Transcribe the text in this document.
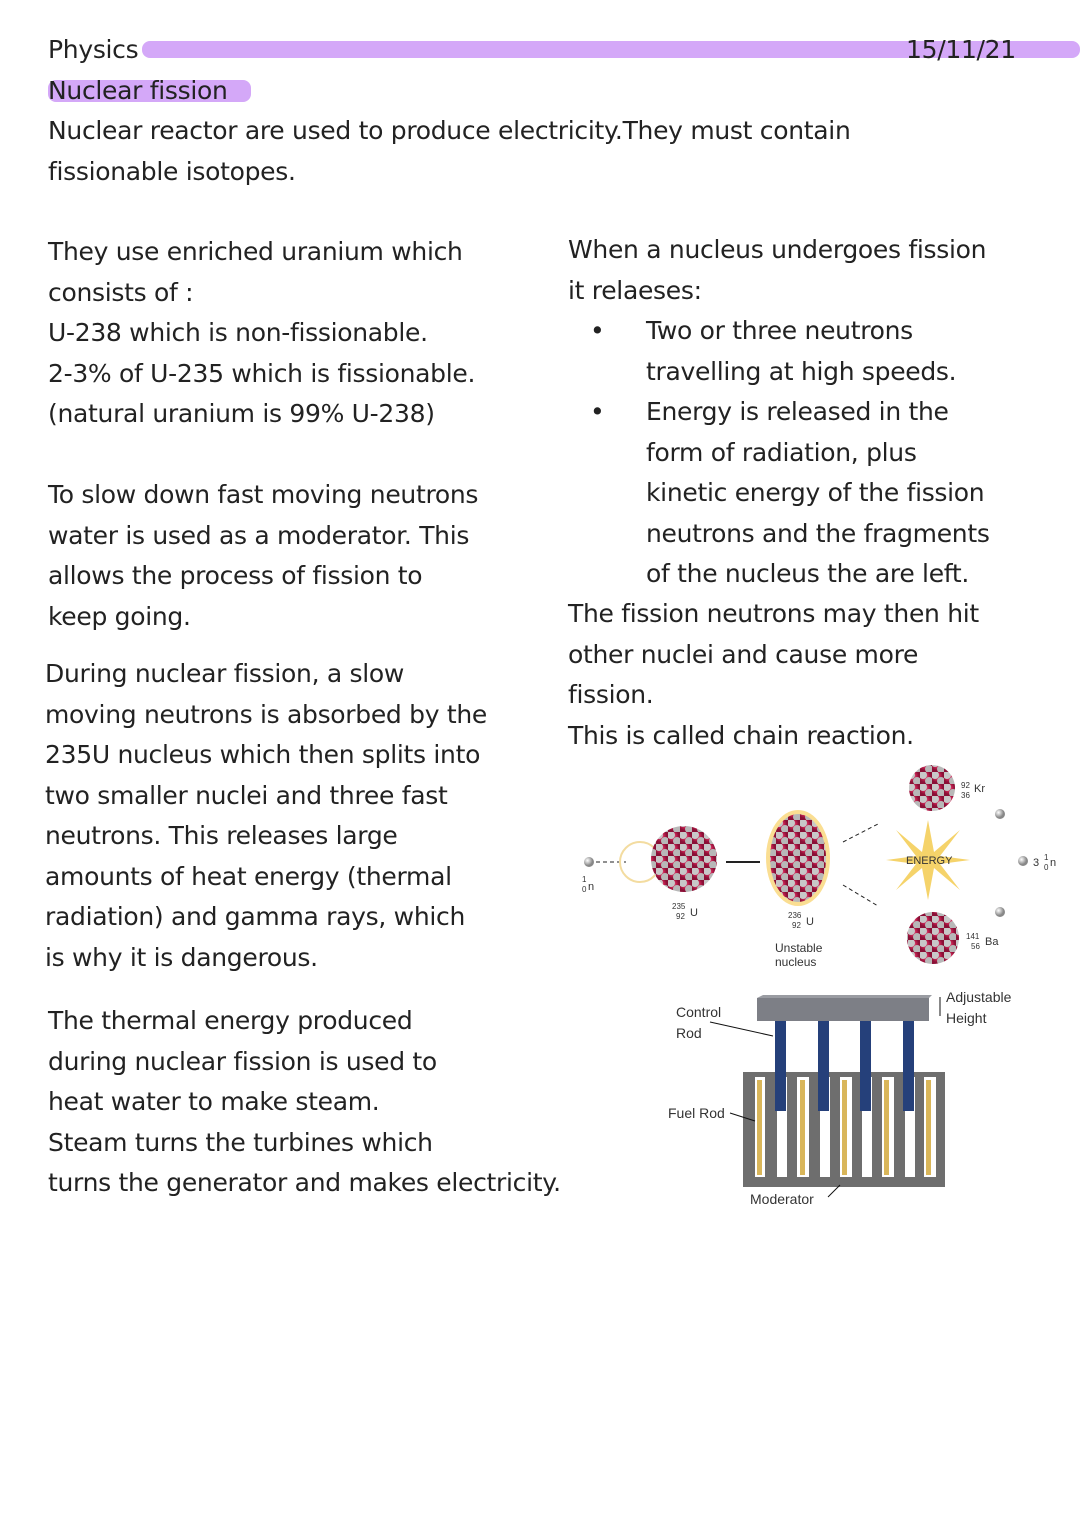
Physics	15/11/21
Nuclear fission
Nuclear reactor are used to produce electricity.They must contain
fissionable isotopes.
They use enriched uranium which
consists of :
U-238 which is non-fissionable.
2-3% of U-235 which is fissionable.
(natural uranium is 99% U-238)
To slow down fast moving neutrons
water is used as a moderator. This
allows the process of fission to
keep going.
During nuclear fission, a slow
moving neutrons is absorbed by the
235U nucleus which then splits into
two smaller nuclei and three fast
neutrons. This releases large
amounts of heat energy (thermal
radiation) and gamma rays, which
is why it is dangerous.
The thermal energy produced
during nuclear fission is used to
heat water to make steam.
Steam turns the turbines which
turns the generator and makes electricity.
When a nucleus undergoes fission
it relaeses:
• Two or three neutrons
travelling at high speeds.
• Energy is released in the
form of radiation, plus
kinetic energy of the fission
neutrons and the fragments
of the nucleus the are left.
The fission neutrons may then hit
other nuclei and cause more
fission.
This is called chain reaction.
ENERGY
1
0 n
235
92 U	236
92 U
Unstable
nucleus
92
36
Kr
141
56 Ba
3 1
0 n
Control
Rod
Fuel Rod
Moderator
Adjustable
Height
